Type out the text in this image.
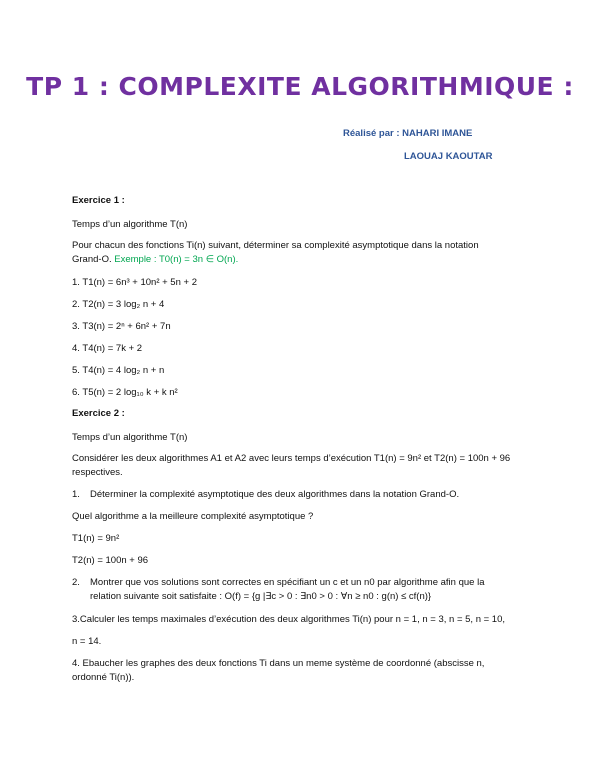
TP 1 : COMPLEXITE ALGORITHMIQUE :
Réalisé par : NAHARI IMANE
LAOUAJ KAOUTAR
Exercice 1 :
Temps d’un algorithme T(n)
Pour chacun des fonctions Ti(n) suivant, déterminer sa complexité asymptotique dans la notation
Grand-O. Exemple : T0(n) = 3n ∈ O(n).
1. T1(n) = 6n³ + 10n² + 5n + 2
2. T2(n) = 3 log₂ n + 4
3. T3(n) = 2ⁿ + 6n² + 7n
4. T4(n) = 7k + 2
5. T4(n) = 4 log₂ n + n
6. T5(n) = 2 log₁₀ k + k n²
Exercice 2 :
Temps d’un algorithme T(n)
Considérer les deux algorithmes A1 et A2 avec leurs temps d’exécution T1(n) = 9n² et T2(n) = 100n + 96
respectives.
1. Déterminer la complexité asymptotique des deux algorithmes dans la notation Grand-O.
Quel algorithme a la meilleure complexité asymptotique ?
T1(n) = 9n²
T2(n) = 100n + 96
2. Montrer que vos solutions sont correctes en spécifiant un c et un n0 par algorithme afin que la
relation suivante soit satisfaite : O(f) = {g |∃c > 0 : ∃n0 > 0 : ∀n ≥ n0 : g(n) ≤ cf(n)}
3.Calculer les temps maximales d’exécution des deux algorithmes Ti(n) pour n = 1, n = 3, n = 5, n = 10,
n = 14.
4. Ebaucher les graphes des deux fonctions Ti dans un meme système de coordonné (abscisse n,
ordonné Ti(n)).
